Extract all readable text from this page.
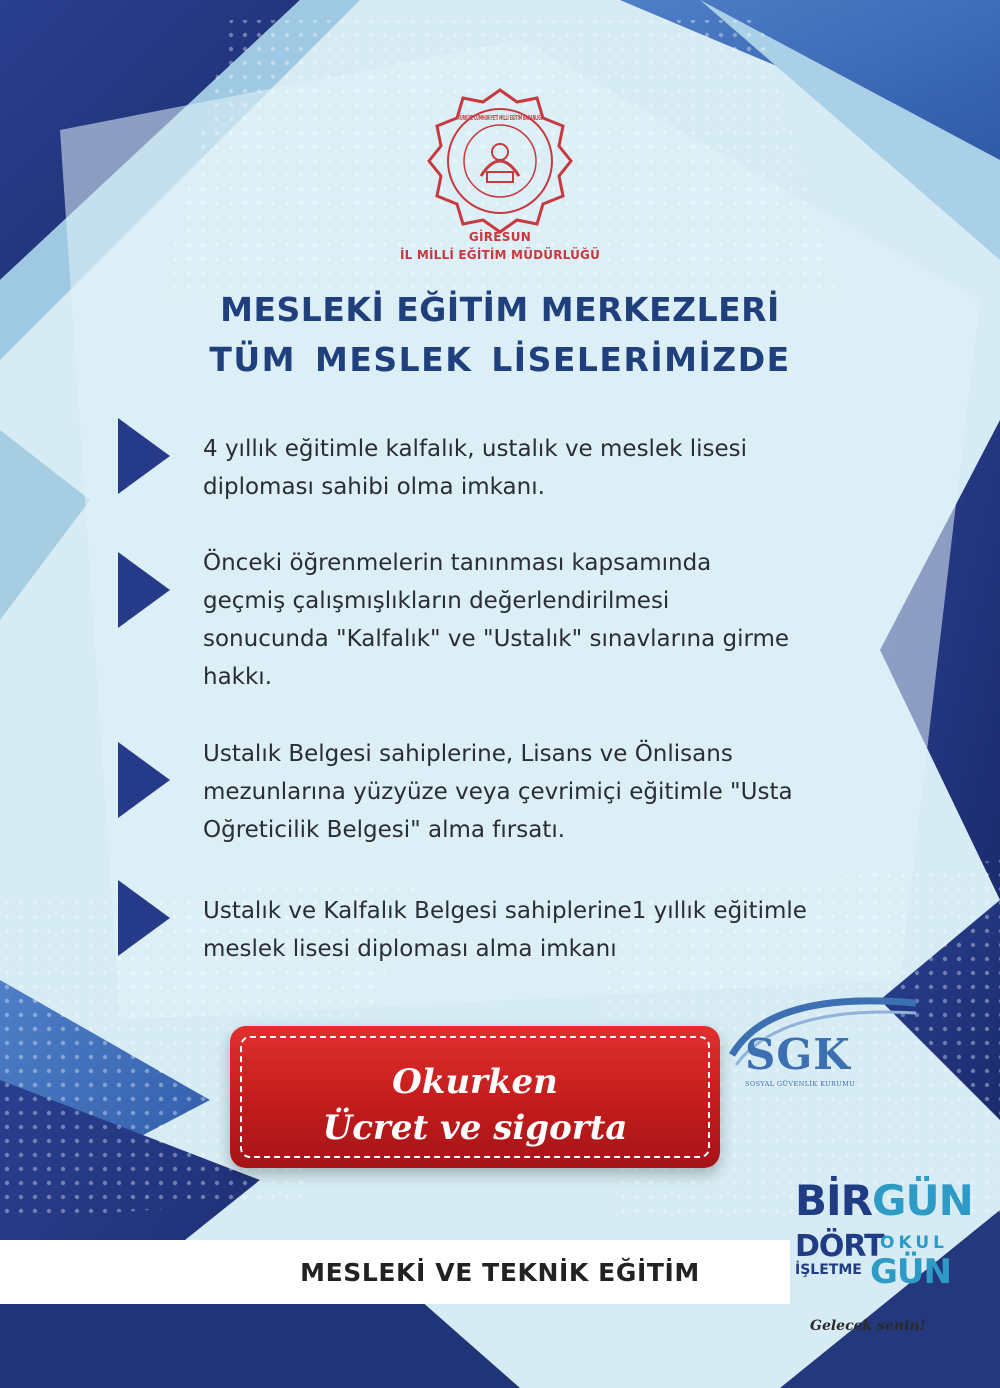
TÜRKİYE CUMHURİYETİ MİLLÎ EĞİTİM BAKANLIĞI
GİRESUN
İL MİLLİ EĞİTİM MÜDÜRLÜĞÜ
MESLEKİ EĞİTİM MERKEZLERİ
TÜM MESLEK LİSELERİMİZDE
4 yıllık eğitimle kalfalık, ustalık ve meslek lisesi
diploması sahibi olma imkanı.
Önceki öğrenmelerin tanınması kapsamında
geçmiş çalışmışlıkların değerlendirilmesi
sonucunda "Kalfalık" ve "Ustalık" sınavlarına girme
hakkı.
Ustalık Belgesi sahiplerine, Lisans ve Önlisans
mezunlarına yüzyüze veya çevrimiçi eğitimle "Usta
Oğreticilik Belgesi" alma fırsatı.
Ustalık ve Kalfalık Belgesi sahiplerine1 yıllık eğitimle
meslek lisesi diploması alma imkanı
Okurken
Ücret ve sigorta
SGK
SOSYAL GÜVENLİK KURUMU
MESLEKİ VE TEKNİK EĞİTİM
BİRGÜN
DÖRT
OKUL
İŞLETME GÜN
Gelecek senin!
